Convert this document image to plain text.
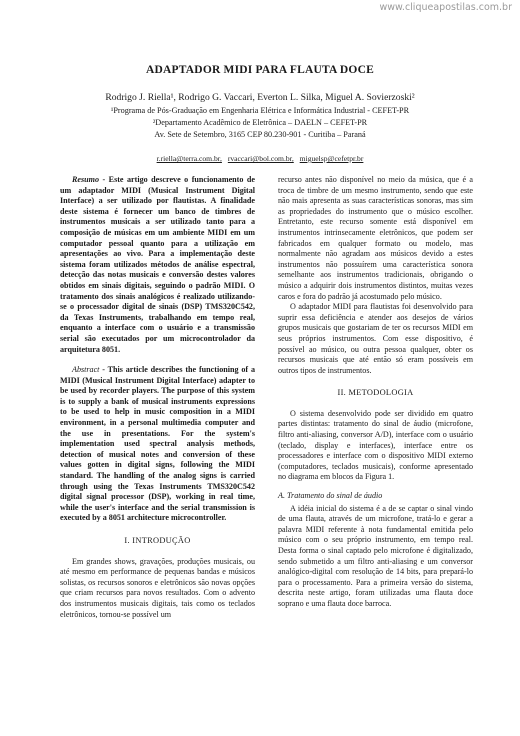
www.cliqueapostilas.com.br
ADAPTADOR MIDI PARA FLAUTA DOCE
Rodrigo J. Riella¹, Rodrigo G. Vaccari, Everton L. Silka, Miguel A. Sovierzoski²
¹Programa de Pós-Graduação em Engenharia Elétrica e Informática Industrial - CEFET-PR
²Departamento Acadêmico de Eletrônica – DAELN – CEFET-PR
Av. Sete de Setembro, 3165 CEP 80.230-901 - Curitiba – Paraná
r.riella@terra.com.br, rvaccari@bol.com.br, miguelsp@cefetpr.br

Resumo - Este artigo descreve o funcionamento de um adaptador MIDI (Musical Instrument Digital Interface) a ser utilizado por flautistas. A finalidade deste sistema é fornecer um banco de timbres de instrumentos musicais a ser utilizado tanto para a composição de músicas em um ambiente MIDI em um computador pessoal quanto para a utilização em apresentações ao vivo. Para a implementação deste sistema foram utilizados métodos de análise espectral, detecção das notas musicais e conversão destes valores obtidos em sinais digitais, seguindo o padrão MIDI. O tratamento dos sinais analógicos é realizado utilizando-se o processador digital de sinais (DSP) TMS320C542, da Texas Instruments, trabalhando em tempo real, enquanto a interface com o usuário e a transmissão serial são executados por um microcontrolador da arquitetura 8051.

Abstract - This article describes the functioning of a MIDI (Musical Instrument Digital Interface) adapter to be used by recorder players. The purpose of this system is to supply a bank of musical instruments expressions to be used to help in music composition in a MIDI environment, in a personal multimedia computer and the use in presentations. For the system's implementation used spectral analysis methods, detection of musical notes and conversion of these values gotten in digital signs, following the MIDI standard. The handling of the analog signs is carried through using the Texas Instruments TMS320C542 digital signal processor (DSP), working in real time, while the user's interface and the serial transmission is executed by a 8051 architecture microcontroller.

I. INTRODUÇÃO

Em grandes shows, gravações, produções musicais, ou até mesmo em performance de pequenas bandas e músicos solistas, os recursos sonoros e eletrônicos são novas opções que criam recursos para novos resultados. Com o advento dos instrumentos musicais digitais, tais como os teclados eletrônicos, tornou-se possível um

recurso antes não disponível no meio da música, que é a troca de timbre de um mesmo instrumento, sendo que este não mais apresenta as suas características sonoras, mas sim as propriedades do instrumento que o músico escolher. Entretanto, este recurso somente está disponível em instrumentos intrinsecamente eletrônicos, que podem ser fabricados em qualquer formato ou modelo, mas normalmente não agradam aos músicos devido a estes instrumentos não possuírem uma característica sonora semelhante aos instrumentos tradicionais, obrigando o músico a adquirir dois instrumentos distintos, muitas vezes caros e fora do padrão já acostumado pelo músico.

O adaptador MIDI para flautistas foi desenvolvido para suprir essa deficiência e atender aos desejos de vários grupos musicais que gostariam de ter os recursos MIDI em seus próprios instrumentos. Com esse dispositivo, é possível ao músico, ou outra pessoa qualquer, obter os recursos musicais que até então só eram possíveis em outros tipos de instrumentos.

II. METODOLOGIA

O sistema desenvolvido pode ser dividido em quatro partes distintas: tratamento do sinal de áudio (microfone, filtro anti-aliasing, conversor A/D), interface com o usuário (teclado, display e interfaces), interface entre os processadores e interface com o dispositivo MIDI externo (computadores, teclados musicais), conforme apresentado no diagrama em blocos da Figura 1.

A. Tratamento do sinal de áudio

A idéia inicial do sistema é a de se captar o sinal vindo de uma flauta, através de um microfone, tratá-lo e gerar a palavra MIDI referente à nota fundamental emitida pelo músico com o seu próprio instrumento, em tempo real. Desta forma o sinal captado pelo microfone é digitalizado, sendo submetido a um filtro anti-aliasing e um conversor analógico-digital com resolução de 14 bits, para prepará-lo para o processamento. Para a primeira versão do sistema, descrita neste artigo, foram utilizadas uma flauta doce soprano e uma flauta doce barroca.
